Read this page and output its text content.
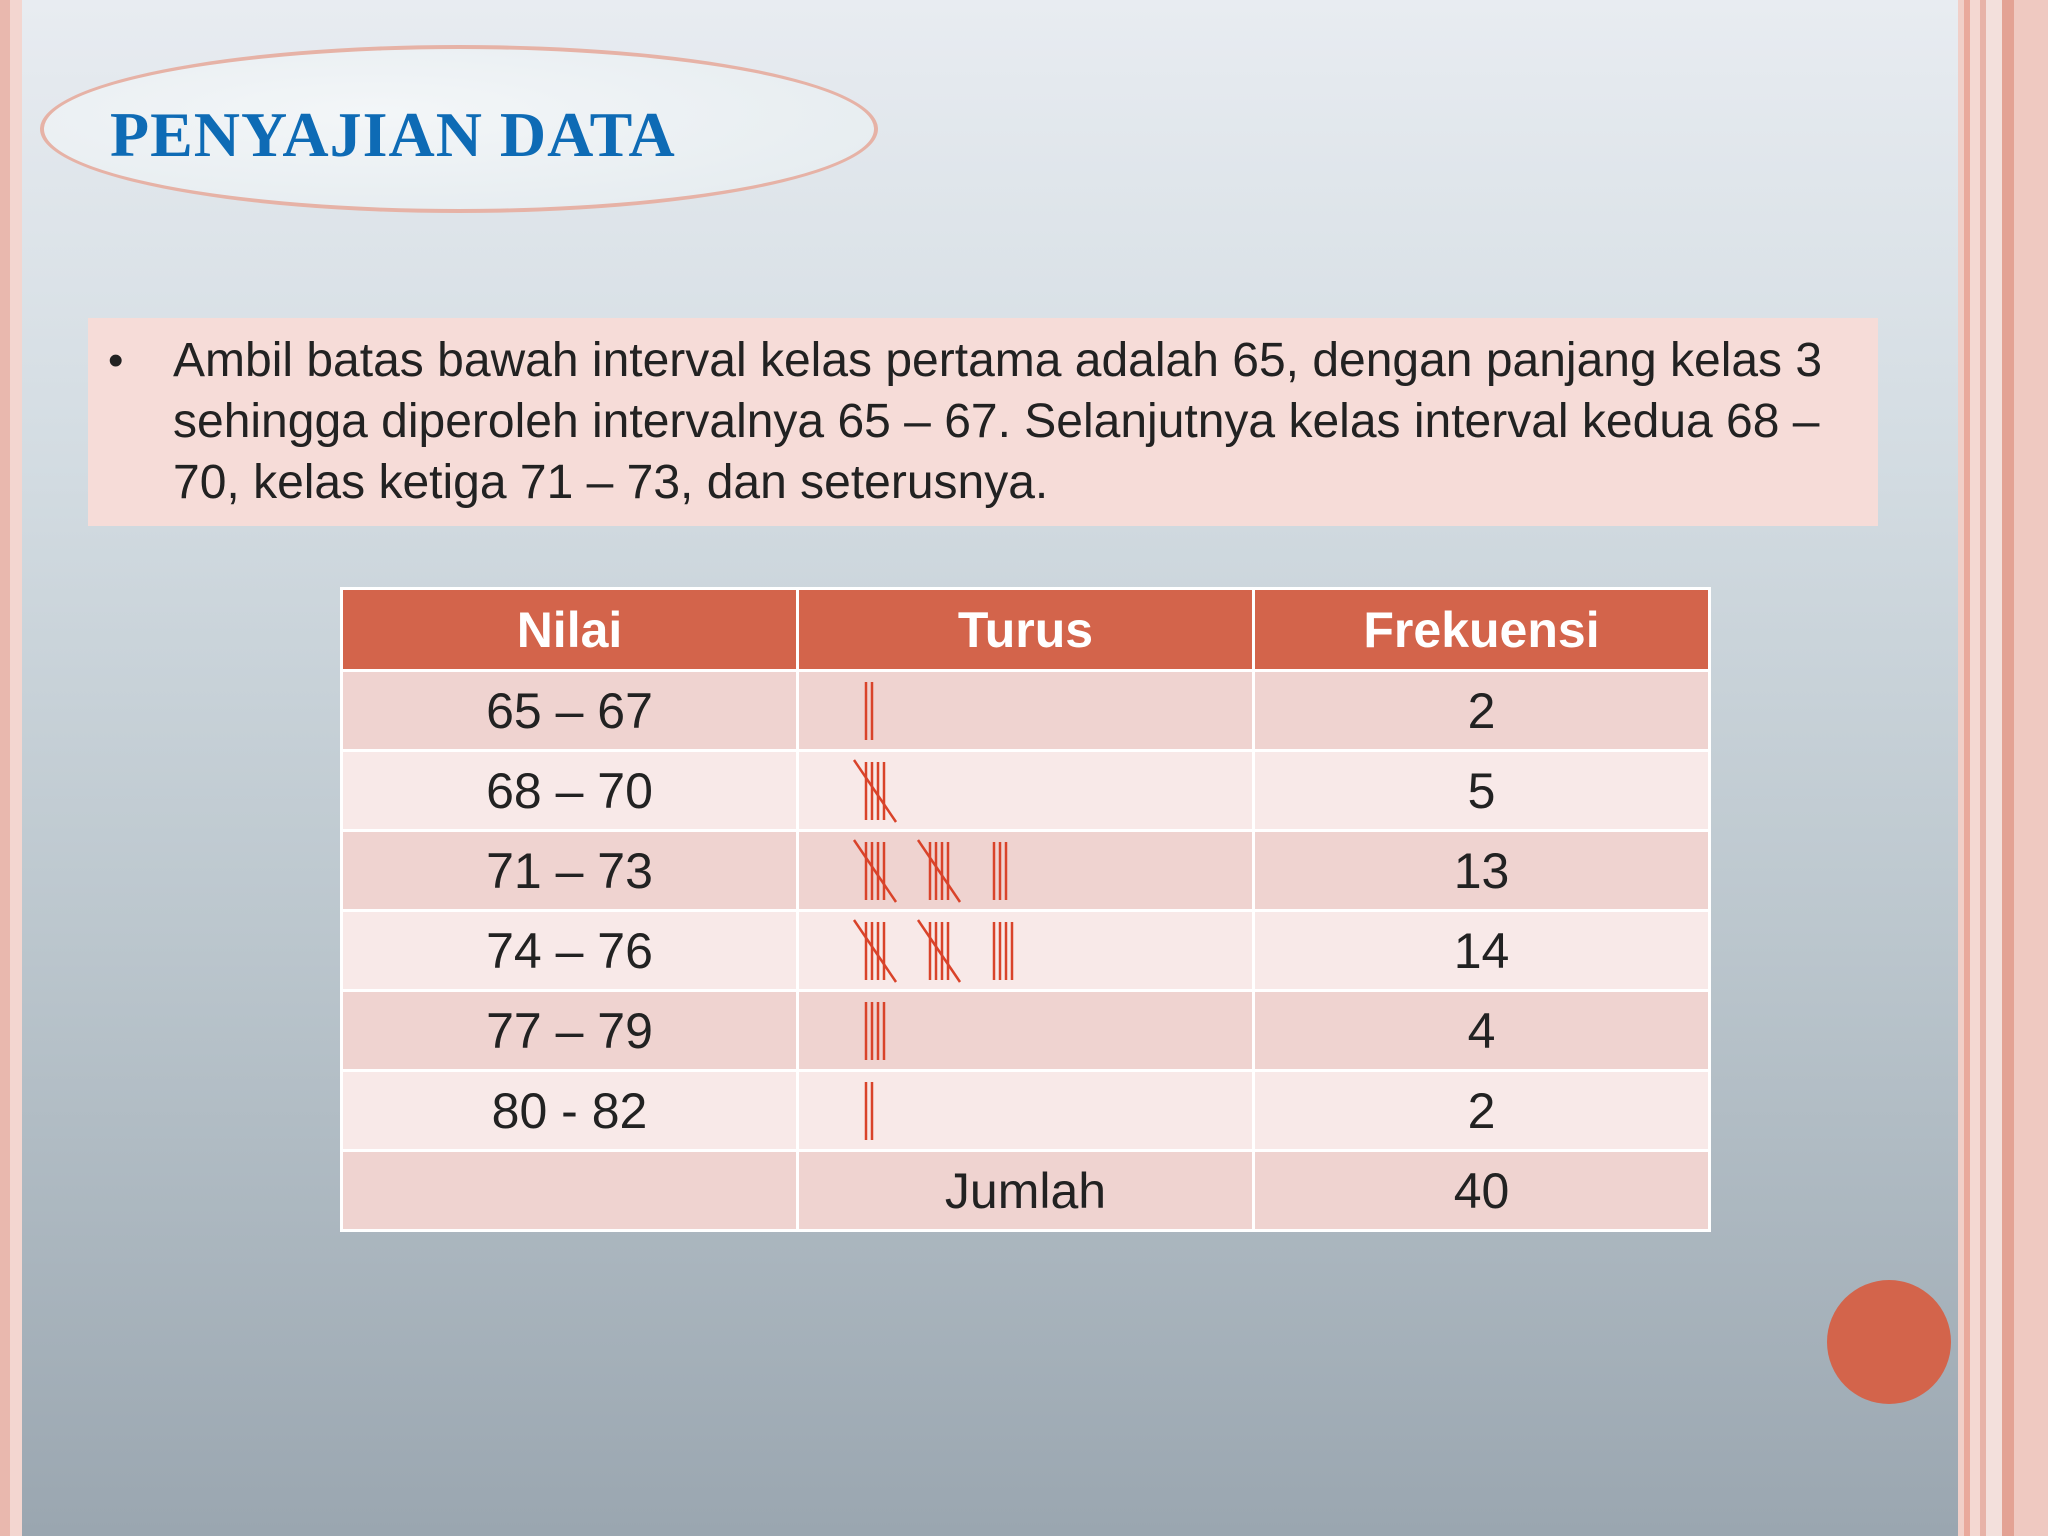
PENYAJIAN DATA
• Ambil batas bawah interval kelas pertama adalah 65, dengan panjang kelas 3 sehingga diperoleh intervalnya 65 – 67. Selanjutnya kelas interval kedua 68 – 70, kelas ketiga 71 – 73, dan seterusnya.
Nilai	Turus	Frekuensi
65 – 67		2
68 – 70		5
71 – 73		13
74 – 76		14
77 – 79		4
80 - 82		2
	Jumlah	40
